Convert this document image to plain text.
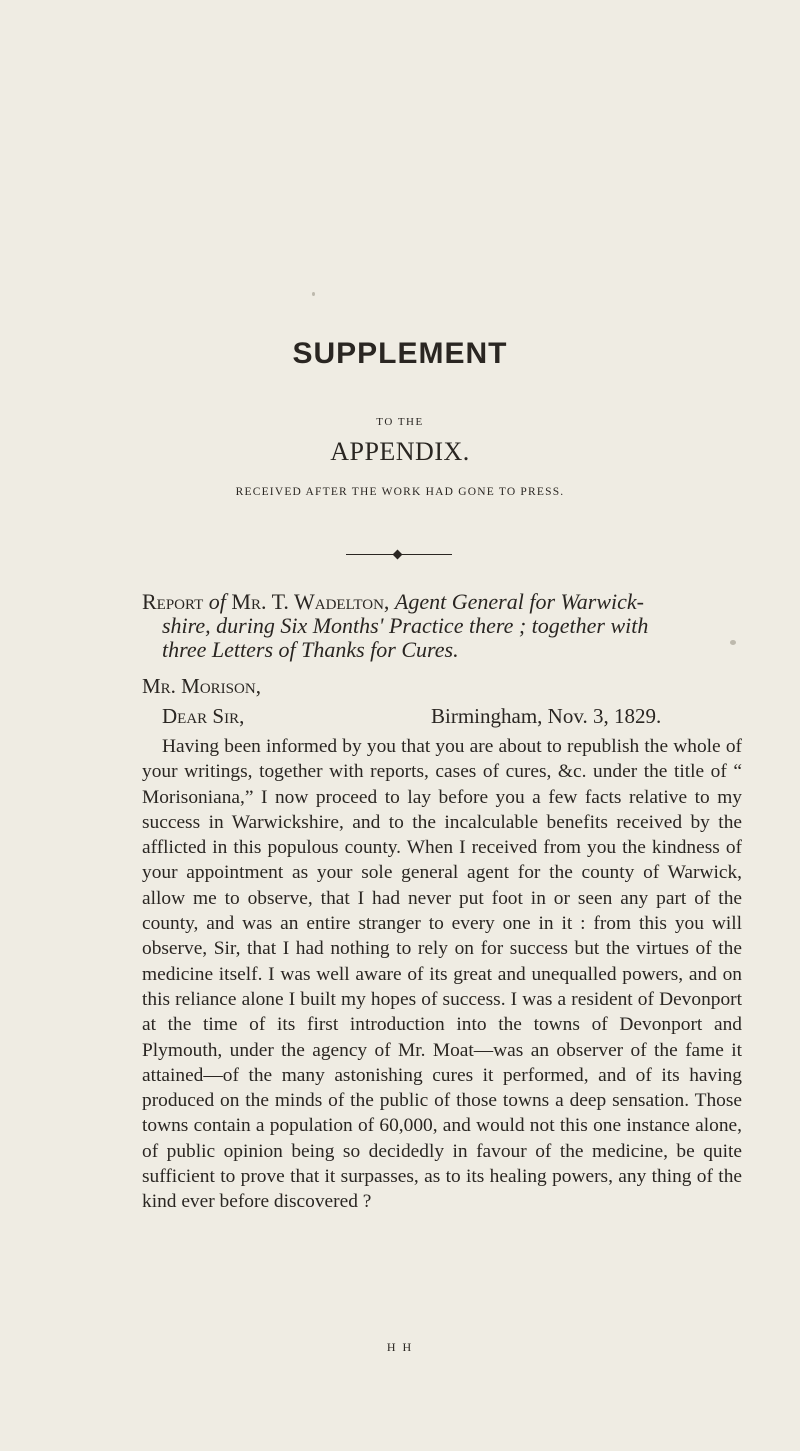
SUPPLEMENT
TO THE
APPENDIX.
RECEIVED AFTER THE WORK HAD GONE TO PRESS.
Report of Mr. T. Wadelton, Agent General for Warwick-
shire, during Six Months' Practice there ; together with
three Letters of Thanks for Cures.
Mr. Morison,
Dear Sir,	Birmingham, Nov. 3, 1829.

Having been informed by you that you are about to republish the whole of your writings, together with reports, cases of cures, &c. under the title of “ Morisoniana,” I now proceed to lay before you a few facts relative to my success in Warwickshire, and to the incalculable benefits received by the afflicted in this populous county. When I received from you the kindness of your appointment as your sole general agent for the county of Warwick, allow me to observe, that I had never put foot in or seen any part of the county, and was an entire stranger to every one in it : from this you will observe, Sir, that I had nothing to rely on for success but the virtues of the medicine itself. I was well aware of its great and unequalled powers, and on this reliance alone I built my hopes of success. I was a resident of Devonport at the time of its first introduction into the towns of Devonport and Plymouth, under the agency of Mr. Moat—was an observer of the fame it attained—of the many astonishing cures it performed, and of its having produced on the minds of the public of those towns a deep sensation. Those towns contain a population of 60,000, and would not this one instance alone, of public opinion being so decidedly in favour of the medicine, be quite sufficient to prove that it surpasses, as to its healing powers, any thing of the kind ever before discovered ?

H H
